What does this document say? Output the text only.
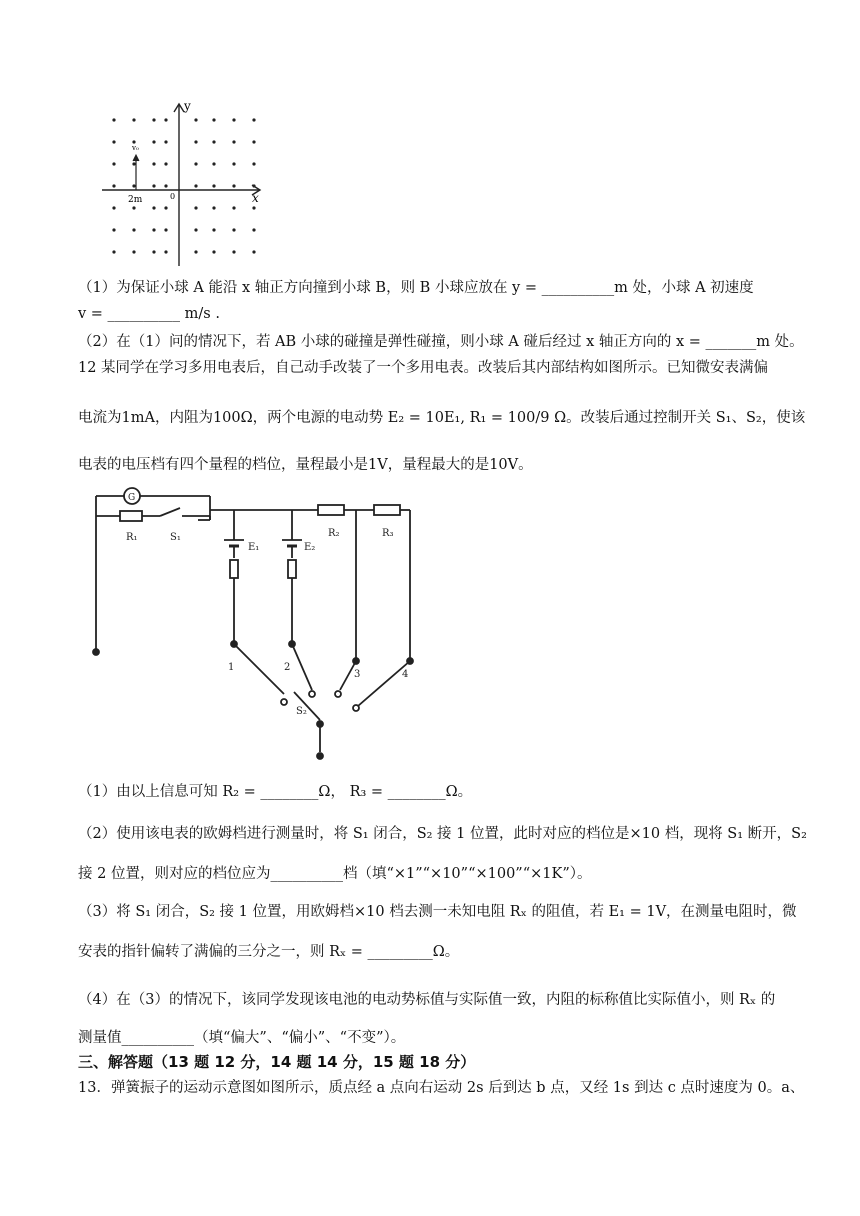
y
x
0
v₀
2m
（1）为保证小球 A 能沿 x 轴正方向撞到小球 B，则 B 小球应放在 y = __________m 处，小球 A 初速度
v = __________ m/s .
（2）在（1）问的情况下，若 AB 小球的碰撞是弹性碰撞，则小球 A 碰后经过 x 轴正方向的 x = _______m 处。
12 某同学在学习多用电表后，自己动手改装了一个多用电表。改装后其内部结构如图所示。已知微安表满偏
电流为1mA，内阻为100Ω，两个电源的电动势 E₂ = 10E₁, R₁ = 100/9 Ω。改装后通过控制开关 S₁、S₂，使该
电表的电压档有四个量程的档位，量程最小是1V，量程最大的是10V。
G
R₁	S₁	R₂	R₃
E₁	E₂
1	2
3	4
S₂
（1）由以上信息可知 R₂ = ________Ω， R₃ = ________Ω。
（2）使用该电表的欧姆档进行测量时，将 S₁ 闭合，S₂ 接 1 位置，此时对应的档位是×10 档，现将 S₁ 断开，S₂
接 2 位置，则对应的档位应为__________档（填“×1”“×10”“×100”“×1K”）。
（3）将 S₁ 闭合，S₂ 接 1 位置，用欧姆档×10 档去测一未知电阻 Rₓ 的阻值，若 E₁ = 1V，在测量电阻时，微
安表的指针偏转了满偏的三分之一，则 Rₓ = _________Ω。
（4）在（3）的情况下，该同学发现该电池的电动势标值与实际值一致，内阻的标称值比实际值小，则 Rₓ 的
测量值__________（填“偏大”、“偏小”、“不变”）。
三、解答题（13 题 12 分，14 题 14 分，15 题 18 分）
13．弹簧振子的运动示意图如图所示，质点经 a 点向右运动 2s 后到达 b 点，又经 1s 到达 c 点时速度为 0。a、
